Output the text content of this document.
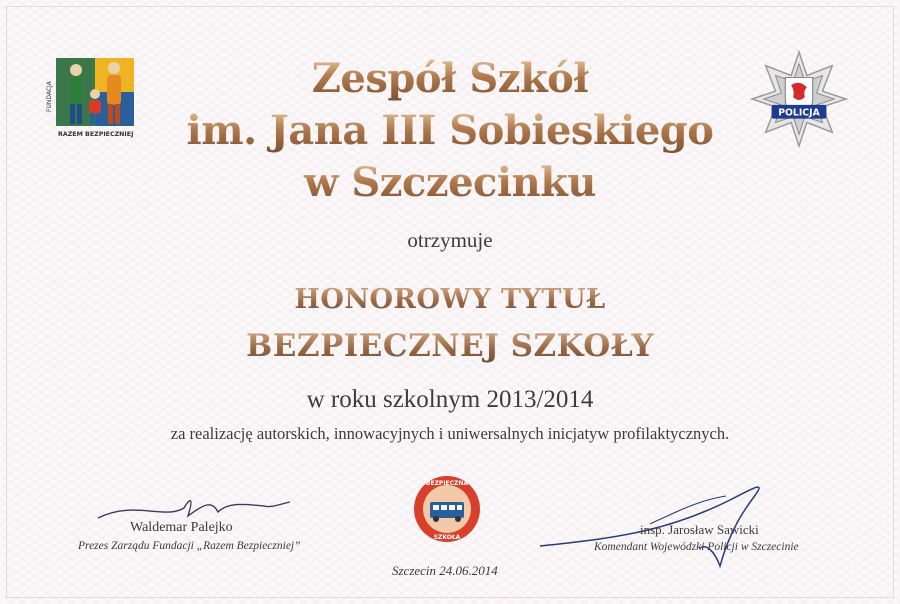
Zespół Szkół
im. Jana III Sobieskiego
w Szczecinku
POLICJA
otrzymuje
HONOROWY TYTUŁ
BEZPIECZNEJ SZKOŁY
w roku szkolnym 2013/2014
za realizację autorskich, innowacyjnych i uniwersalnych inicjatyw profilaktycznych.
BEZPIECZNA
SZKOŁA
Waldemar Palejko
Prezes Zarządu Fundacji „Razem Bezpieczniej”
insp. Jarosław Sawicki
Komendant Wojewódzki Policji w Szczecinie
Szczecin 24.06.2014
